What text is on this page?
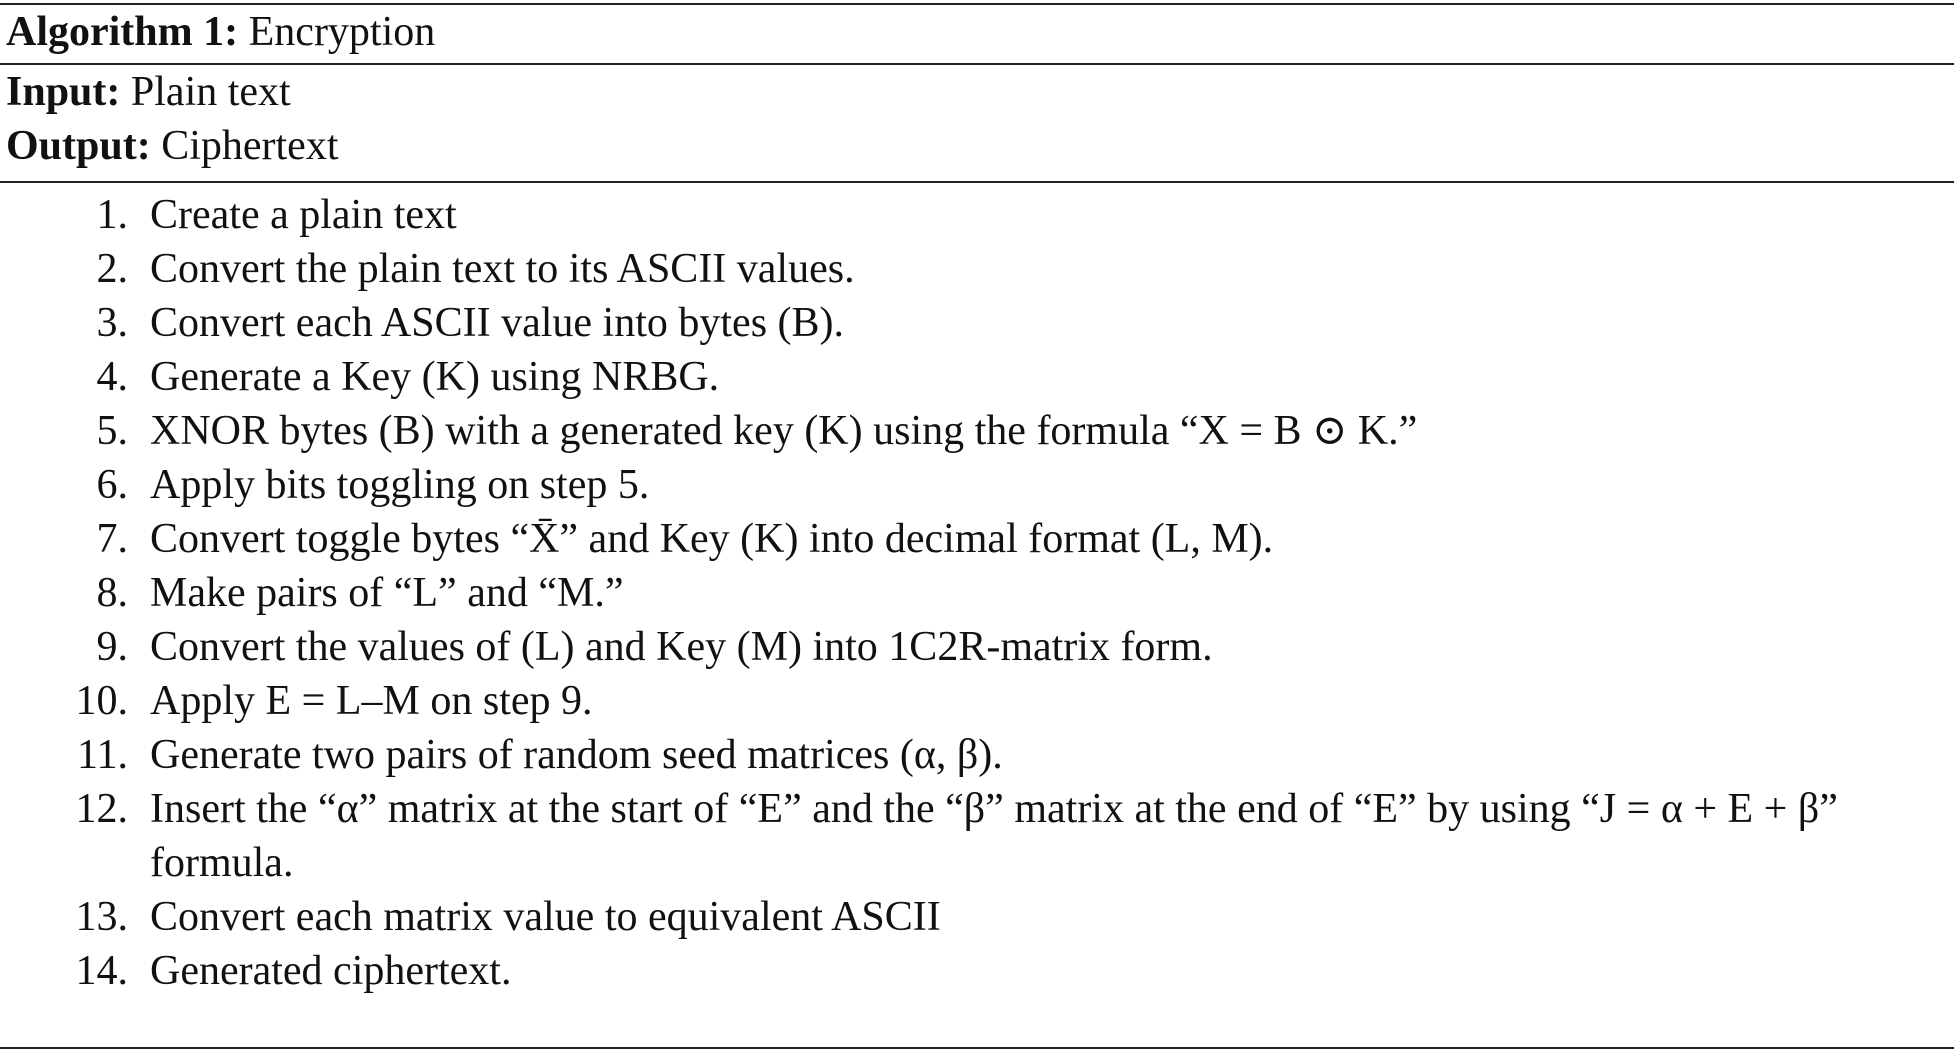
Algorithm 1: Encryption
Input: Plain text
Output: Ciphertext
1. Create a plain text
2. Convert the plain text to its ASCII values.
3. Convert each ASCII value into bytes (B).
4. Generate a Key (K) using NRBG.
5. XNOR bytes (B) with a generated key (K) using the formula “X = B ⊙ K.”
6. Apply bits toggling on step 5.
7. Convert toggle bytes “X̄” and Key (K) into decimal format (L, M).
8. Make pairs of “L” and “M.”
9. Convert the values of (L) and Key (M) into 1C2R-matrix form.
10. Apply E = L–M on step 9.
11. Generate two pairs of random seed matrices (α, β).
12. Insert the “α” matrix at the start of “E” and the “β” matrix at the end of “E” by using “J = α + E + β” formula.
13. Convert each matrix value to equivalent ASCII
14. Generated ciphertext.
